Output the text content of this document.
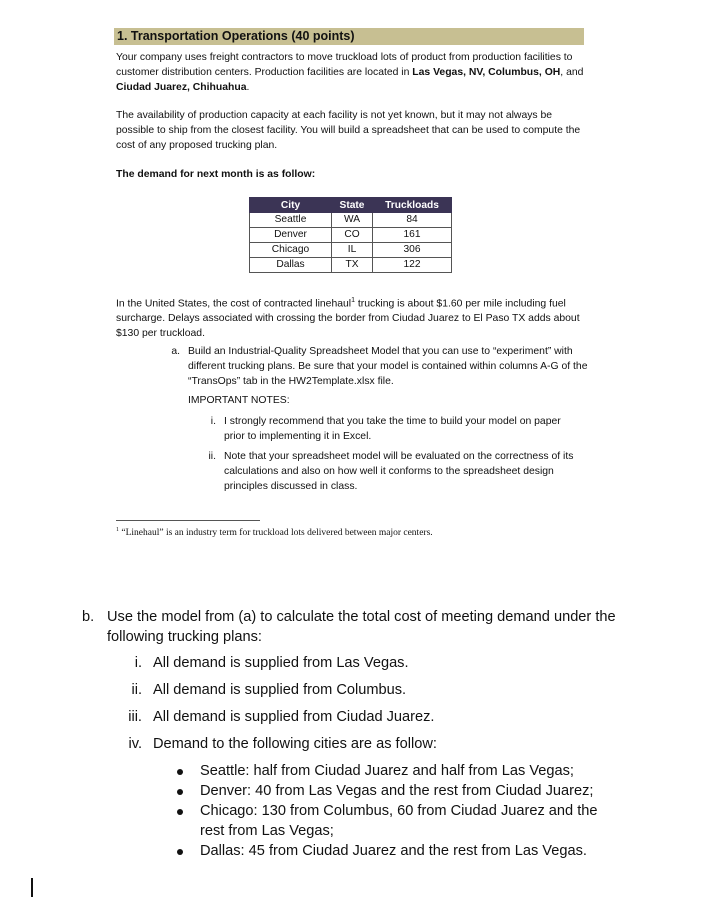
1. Transportation Operations (40 points)
Your company uses freight contractors to move truckload lots of product from production facilities to customer distribution centers. Production facilities are located in Las Vegas, NV, Columbus, OH, and Ciudad Juarez, Chihuahua.
The availability of production capacity at each facility is not yet known, but it may not always be possible to ship from the closest facility. You will build a spreadsheet that can be used to compute the cost of any proposed trucking plan.
The demand for next month is as follow:
City	State	Truckloads
Seattle	WA	84
Denver	CO	161
Chicago	IL	306
Dallas	TX	122
In the United States, the cost of contracted linehaul$^1$ trucking is about $1.60 per mile including fuel surcharge. Delays associated with crossing the border from Ciudad Juarez to El Paso TX adds about $130 per truckload.
a. Build an Industrial-Quality Spreadsheet Model that you can use to “experiment” with different trucking plans. Be sure that your model is contained within columns A-G of the “TransOps” tab in the HW2Template.xlsx file.
IMPORTANT NOTES:
i. I strongly recommend that you take the time to build your model on paper prior to implementing it in Excel.
ii. Note that your spreadsheet model will be evaluated on the correctness of its calculations and also on how well it conforms to the spreadsheet design principles discussed in class.
$^1$ “Linehaul” is an industry term for truckload lots delivered between major centers.
b. Use the model from (a) to calculate the total cost of meeting demand under the following trucking plans:
i. All demand is supplied from Las Vegas.
ii. All demand is supplied from Columbus.
iii. All demand is supplied from Ciudad Juarez.
iv. Demand to the following cities are as follow:
Seattle: half from Ciudad Juarez and half from Las Vegas;
Denver: 40 from Las Vegas and the rest from Ciudad Juarez;
Chicago: 130 from Columbus, 60 from Ciudad Juarez and the rest from Las Vegas;
Dallas: 45 from Ciudad Juarez and the rest from Las Vegas.
